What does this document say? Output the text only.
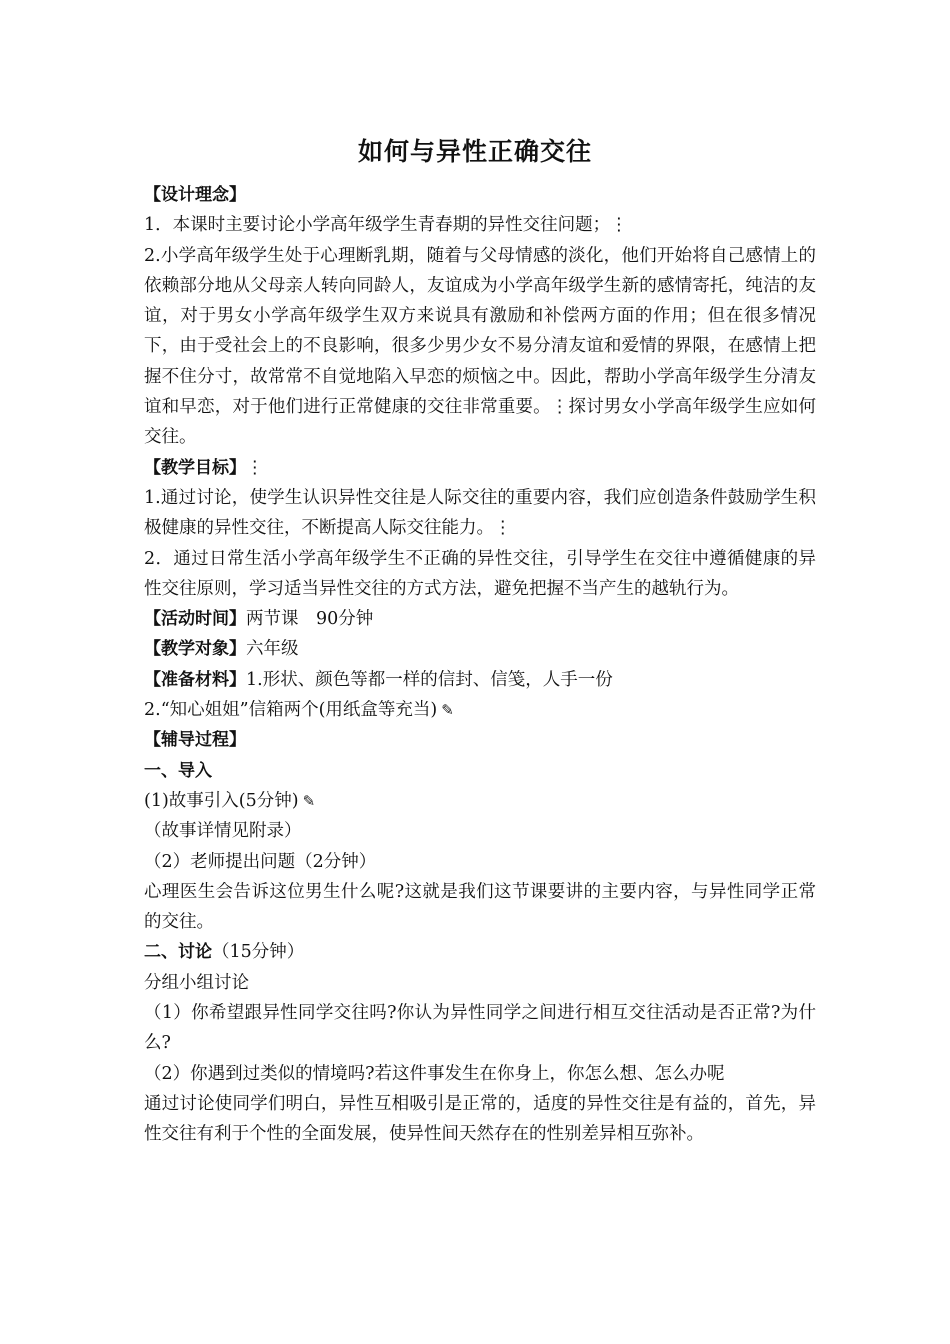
如何与异性正确交往

【设计理念】

1．本课时主要讨论小学高年级学生青春期的异性交往问题；⋮

2.小学高年级学生处于心理断乳期，随着与父母情感的淡化，他们开始将自己感情上的依赖部分地从父母亲人转向同龄人，友谊成为小学高年级学生新的感情寄托，纯洁的友谊，对于男女小学高年级学生双方来说具有激励和补偿两方面的作用；但在很多情况下，由于受社会上的不良影响，很多少男少女不易分清友谊和爱情的界限，在感情上把握不住分寸，故常常不自觉地陷入早恋的烦恼之中。因此，帮助小学高年级学生分清友谊和早恋，对于他们进行正常健康的交往非常重要。⋮探讨男女小学高年级学生应如何交往。

【教学目标】⋮

1.通过讨论，使学生认识异性交往是人际交往的重要内容，我们应创造条件鼓励学生积极健康的异性交往，不断提高人际交往能力。⋮

2．通过日常生活小学高年级学生不正确的异性交往，引导学生在交往中遵循健康的异性交往原则，学习适当异性交往的方式方法，避免把握不当产生的越轨行为。

【活动时间】两节课　90分钟

【教学对象】六年级

【准备材料】1.形状、颜色等都一样的信封、信笺，人手一份

2.“知心姐姐”信箱两个(用纸盒等充当) ✎

【辅导过程】

一、导入

(1)故事引入(5分钟) ✎

（故事详情见附录）

（2）老师提出问题（2分钟）

心理医生会告诉这位男生什么呢?这就是我们这节课要讲的主要内容，与异性同学正常的交往。

二、讨论（15分钟）

分组小组讨论

（1）你希望跟异性同学交往吗?你认为异性同学之间进行相互交往活动是否正常?为什么?

（2）你遇到过类似的情境吗?若这件事发生在你身上，你怎么想、怎么办呢

通过讨论使同学们明白，异性互相吸引是正常的，适度的异性交往是有益的，首先，异性交往有利于个性的全面发展，使异性间天然存在的性别差异相互弥补。
